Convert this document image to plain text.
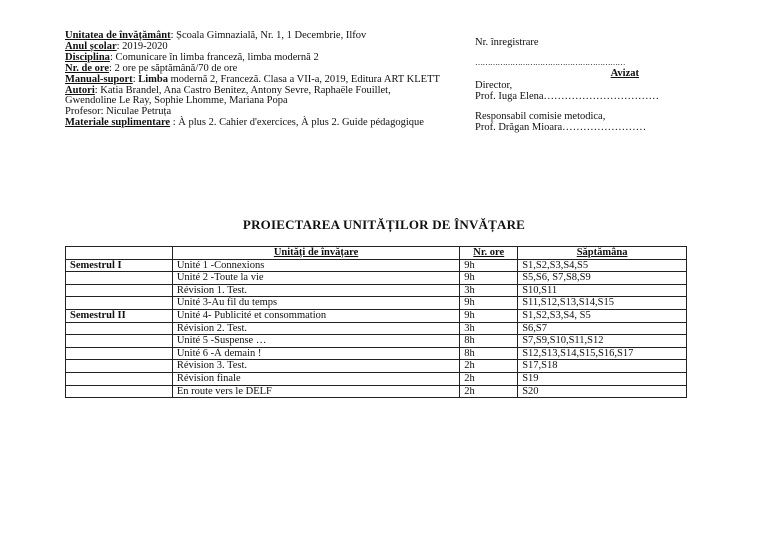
Unitatea de învățământ: Școala Gimnazială, Nr. 1, 1 Decembrie, Ilfov
Anul școlar: 2019-2020
Disciplina: Comunicare în limba franceză, limba modernă 2
Nr. de ore: 2 ore pe săptămână/70 de ore
Manual-suport: Limba modernă 2, Franceză. Clasa a VII-a, 2019, Editura ART KLETT
Autori: Katia Brandel, Ana Castro Benitez, Antony Sevre, Raphaële Fouillet,
Gwendoline Le Ray, Sophie Lhomme, Mariana Popa
Profesor: Niculae Petruța
Materiale suplimentare : À plus 2. Cahier d'exercices, À plus 2. Guide pédagogique
Nr. înregistrare
……………………………………………………
Avizat
Director,
Prof. Iuga Elena……………………………
Responsabil comisie metodica,
Prof. Drăgan Mioara……………………
PROIECTAREA UNITĂȚILOR DE ÎNVĂȚARE
	Unități de învățare	Nr. ore	Săptămâna
Semestrul I	Unité 1 -Connexions	9h	S1,S2,S3,S4,S5
	Unité 2 -Toute la vie	9h	S5,S6, S7,S8,S9
	Révision 1. Test.	3h	S10,S11
	Unité 3-Au fil du temps	9h	S11,S12,S13,S14,S15
Semestrul II	Unité 4- Publicité et consommation	9h	S1,S2,S3,S4, S5
	Révision 2. Test.	3h	S6,S7
	Unité 5 -Suspense …	8h	S7,S9,S10,S11,S12
	Unité 6 -À demain !	8h	S12,S13,S14,S15,S16,S17
	Révision 3. Test.	2h	S17,S18
	Révision finale	2h	S19
	En route vers le DELF	2h	S20
